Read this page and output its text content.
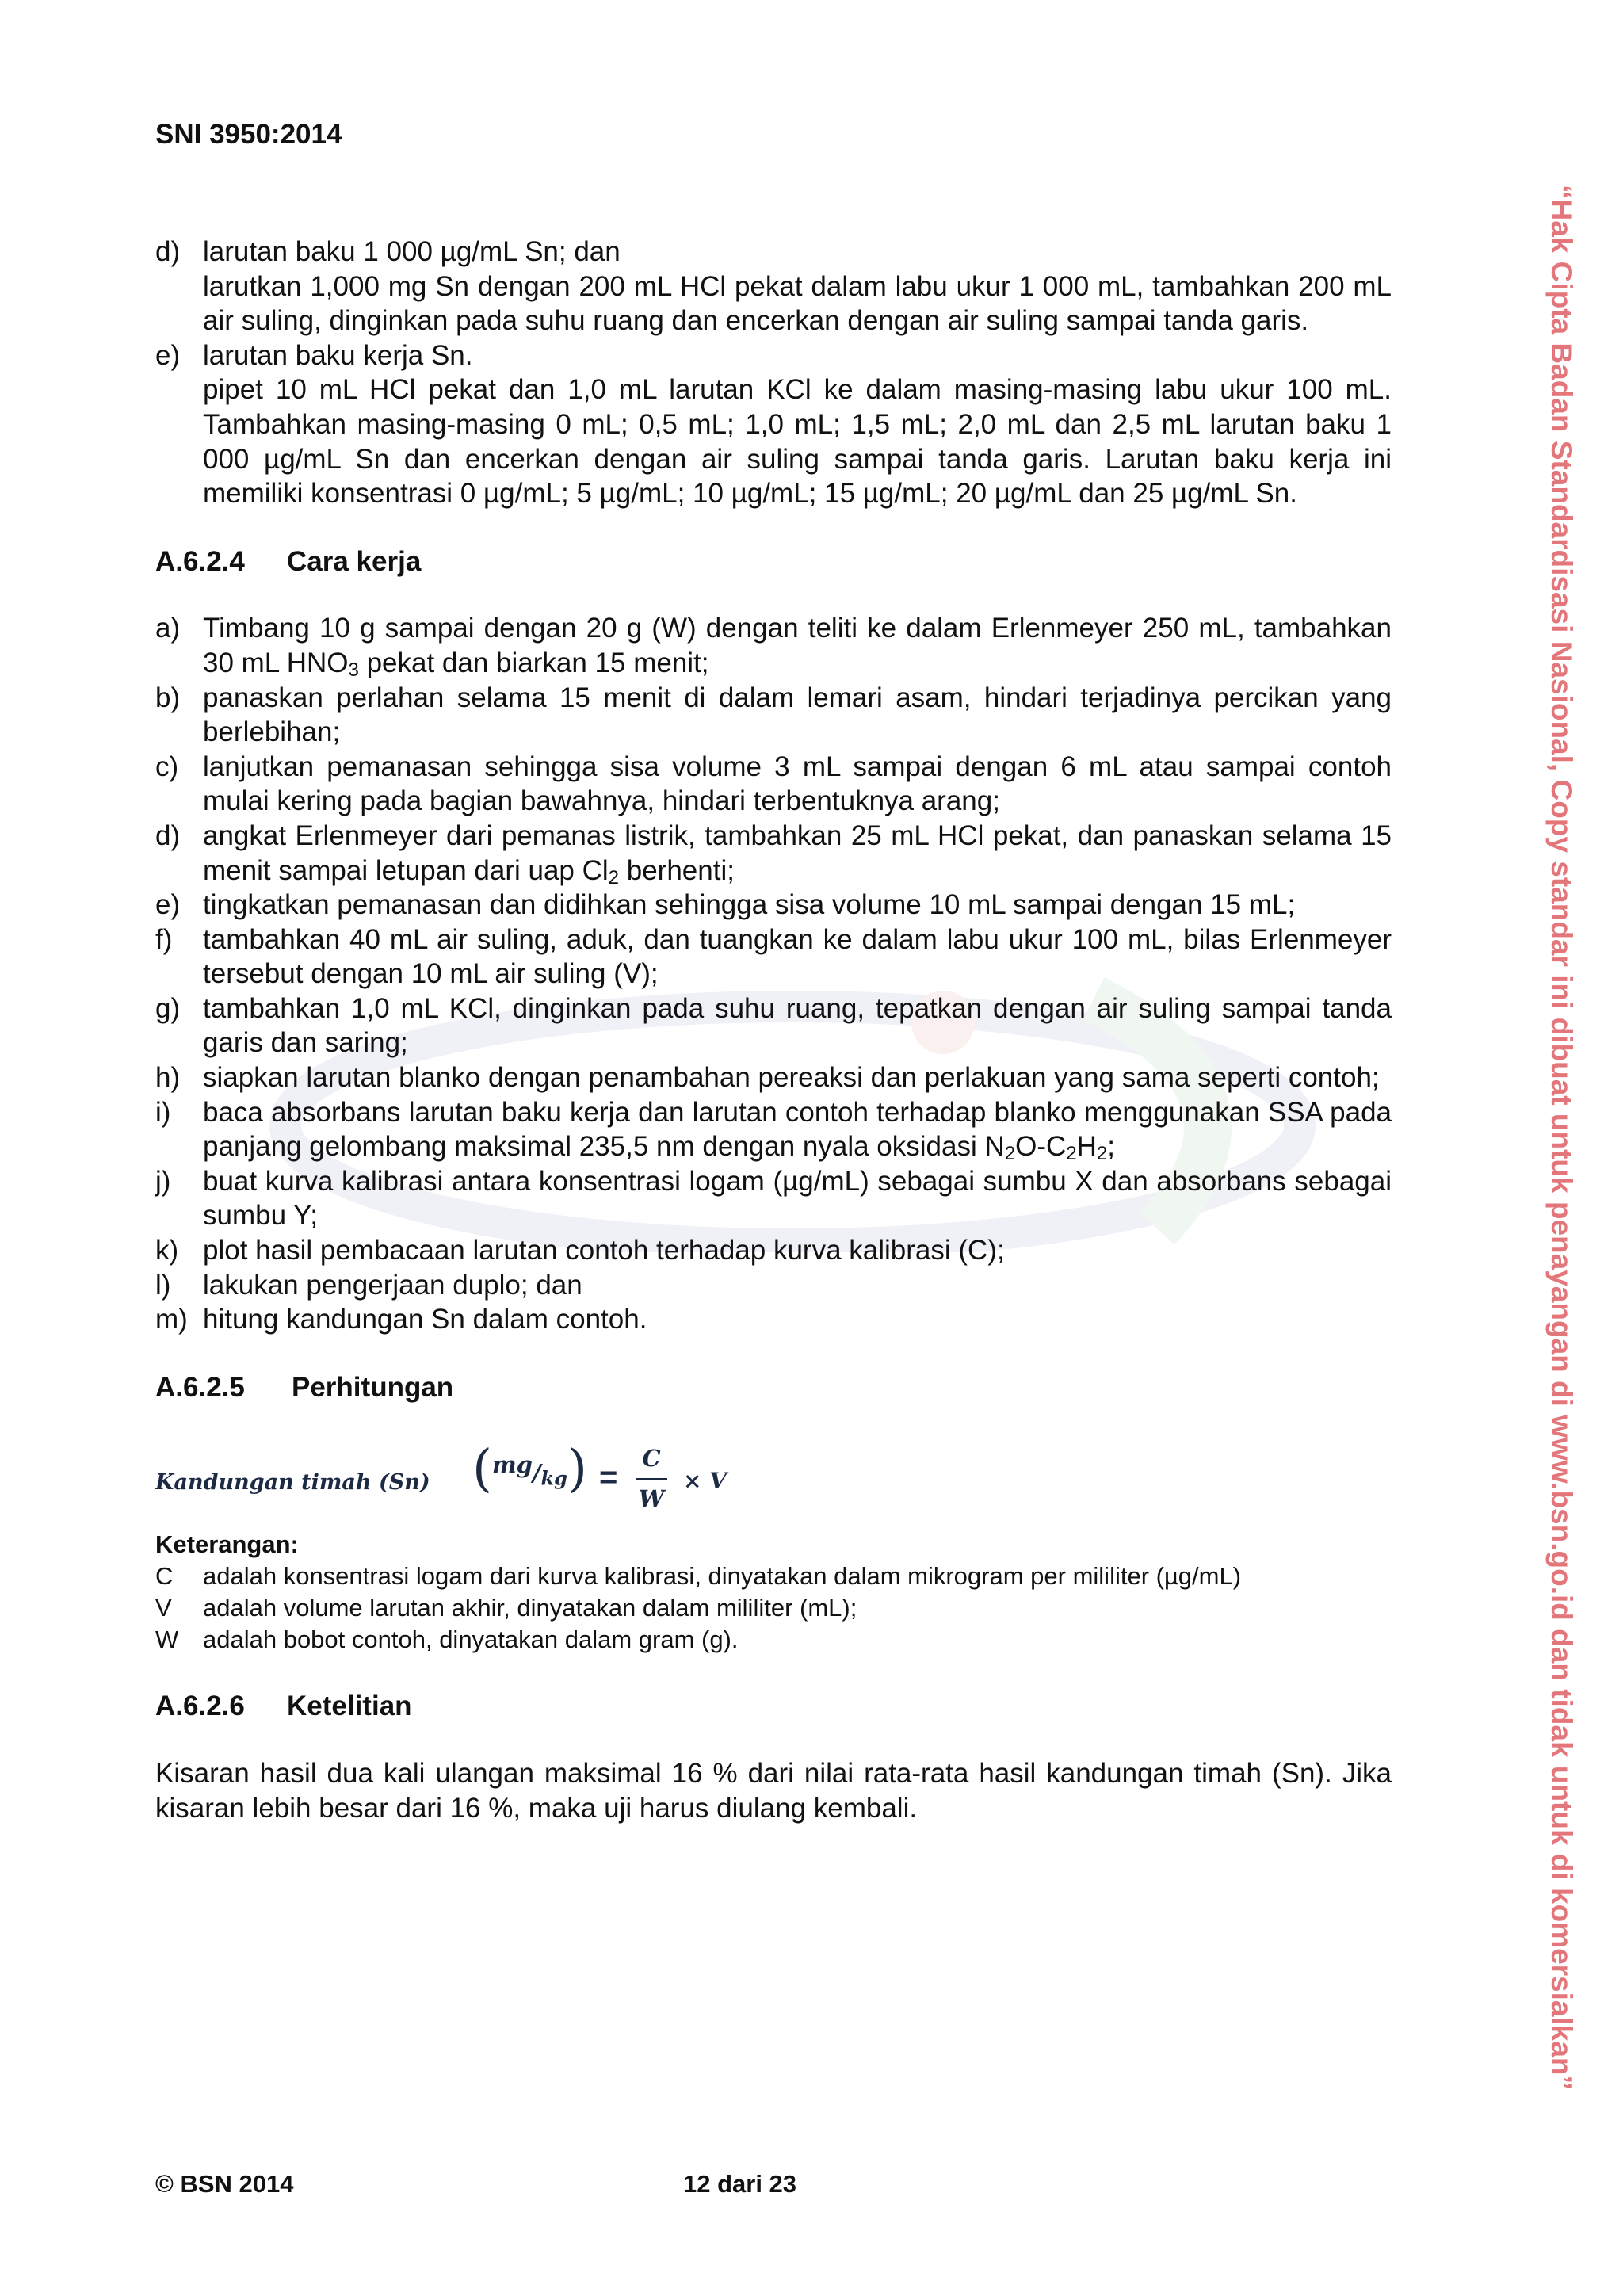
SNI 3950:2014
d) larutan baku 1 000 µg/mL Sn; dan
larutkan 1,000 mg Sn dengan 200 mL HCl pekat dalam labu ukur 1 000 mL, tambahkan 200 mL air suling, dinginkan pada suhu ruang dan encerkan dengan air suling sampai tanda garis.
e) larutan baku kerja Sn.
pipet 10 mL HCl pekat dan 1,0 mL larutan KCl ke dalam masing-masing labu ukur 100 mL. Tambahkan masing-masing 0 mL; 0,5 mL; 1,0 mL; 1,5 mL; 2,0 mL dan 2,5 mL larutan baku 1 000 µg/mL Sn dan encerkan dengan air suling sampai tanda garis. Larutan baku kerja ini memiliki konsentrasi 0 µg/mL; 5 µg/mL; 10 µg/mL; 15 µg/mL; 20 µg/mL dan 25 µg/mL Sn.
A.6.2.4 Cara kerja
a) Timbang 10 g sampai dengan 20 g (W) dengan teliti ke dalam Erlenmeyer 250 mL, tambahkan 30 mL $HNO_3$ pekat dan biarkan 15 menit;
b) panaskan perlahan selama 15 menit di dalam lemari asam, hindari terjadinya percikan yang berlebihan;
c) lanjutkan pemanasan sehingga sisa volume 3 mL sampai dengan 6 mL atau sampai contoh mulai kering pada bagian bawahnya, hindari terbentuknya arang;
d) angkat Erlenmeyer dari pemanas listrik, tambahkan 25 mL HCl pekat, dan panaskan selama 15 menit sampai letupan dari uap $Cl_2$ berhenti;
e) tingkatkan pemanasan dan didihkan sehingga sisa volume 10 mL sampai dengan 15 mL;
f) tambahkan 40 mL air suling, aduk, dan tuangkan ke dalam labu ukur 100 mL, bilas Erlenmeyer tersebut dengan 10 mL air suling (V);
g) tambahkan 1,0 mL KCl, dinginkan pada suhu ruang, tepatkan dengan air suling sampai tanda garis dan saring;
h) siapkan larutan blanko dengan penambahan pereaksi dan perlakuan yang sama seperti contoh;
i) baca absorbans larutan baku kerja dan larutan contoh terhadap blanko menggunakan SSA pada panjang gelombang maksimal 235,5 nm dengan nyala oksidasi $N_2O-C_2H_2$;
j) buat kurva kalibrasi antara konsentrasi logam (µg/mL) sebagai sumbu X dan absorbans sebagai sumbu Y;
k) plot hasil pembacaan larutan contoh terhadap kurva kalibrasi (C);
l) lakukan pengerjaan duplo; dan
m) hitung kandungan Sn dalam contoh.
A.6.2.5 Perhitungan
Kandungan timah (Sn) $(^{mg}/_{kg})$ =
C
W
× V
Keterangan:
C adalah konsentrasi logam dari kurva kalibrasi, dinyatakan dalam mikrogram per mililiter (µg/mL)
V adalah volume larutan akhir, dinyatakan dalam mililiter (mL);
W adalah bobot contoh, dinyatakan dalam gram (g).
A.6.2.6 Ketelitian
Kisaran hasil dua kali ulangan maksimal 16 % dari nilai rata-rata hasil kandungan timah (Sn). Jika kisaran lebih besar dari 16 %, maka uji harus diulang kembali.
© BSN 2014	12 dari 23
“Hak Cipta Badan Standardisasi Nasional, Copy standar ini dibuat untuk penayangan di www.bsn.go.id dan tidak untuk di komersialkan”
